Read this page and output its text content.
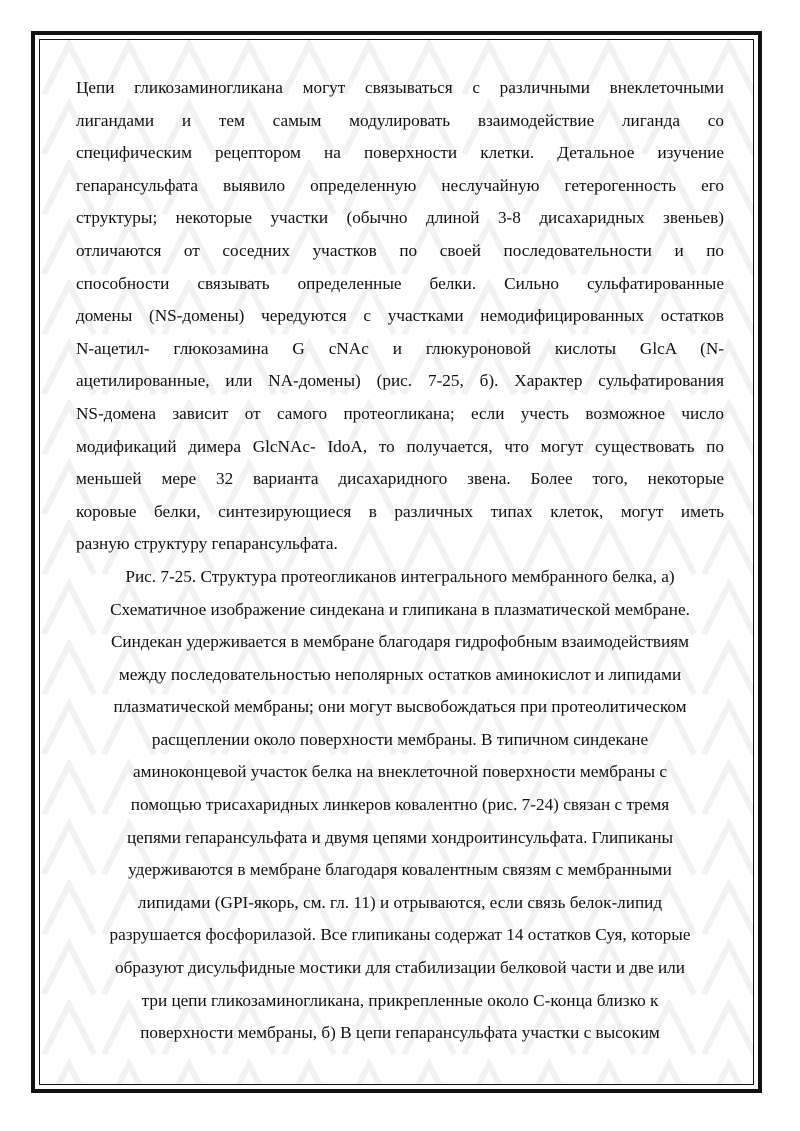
Цепи гликозаминогликана могут связываться с различными внеклеточными
лигандами и тем самым модулировать взаимодействие лиганда со
специфическим рецептором на поверхности клетки. Детальное изучение
гепарансульфата выявило определенную неслучайную гетерогенность его
структуры; некоторые участки (обычно длиной 3-8 дисахаридных звеньев)
отличаются от соседних участков по своей последовательности и по
способности связывать определенные белки. Сильно сульфатированные
домены (NS-домены) чередуются с участками немодифицированных остатков
N-ацетил- глюкозамина G cNAc и глюкуроновой кислоты GlcA (N-
ацетилированные, или NA-домены) (рис. 7-25, б). Характер сульфатирования
NS-домена зависит от самого протеогликана; если учесть возможное число
модификаций димера GlcNAc- IdoA, то получается, что могут существовать по
меньшей мере 32 варианта дисахаридного звена. Более того, некоторые
коровые белки, синтезирующиеся в различных типах клеток, могут иметь
разную структуру гепарансульфата.
Рис. 7-25. Структура протеогликанов интегрального мембранного белка, а)
Схематичное изображение синдекана и глипикана в плазматической мембране.
Синдекан удерживается в мембране благодаря гидрофобным взаимодействиям
между последовательностью неполярных остатков аминокислот и липидами
плазматической мембраны; они могут высвобождаться при протеолитическом
расщеплении около поверхности мембраны. В типичном синдекане
аминоконцевой участок белка на внеклеточной поверхности мембраны с
помощью трисахаридных линкеров ковалентно (рис. 7-24) связан с тремя
цепями гепарансульфата и двумя цепями хондроитинсульфата. Глипиканы
удерживаются в мембране благодаря ковалентным связям с мембранными
липидами (GPI-якорь, см. гл. 11) и отрываются, если связь белок-липид
разрушается фосфорилазой. Все глипиканы содержат 14 остатков Суя, которые
образуют дисульфидные мостики для стабилизации белковой части и две или
три цепи гликозаминогликана, прикрепленные около С-конца близко к
поверхности мембраны, б) В цепи гепарансульфата участки с высоким
